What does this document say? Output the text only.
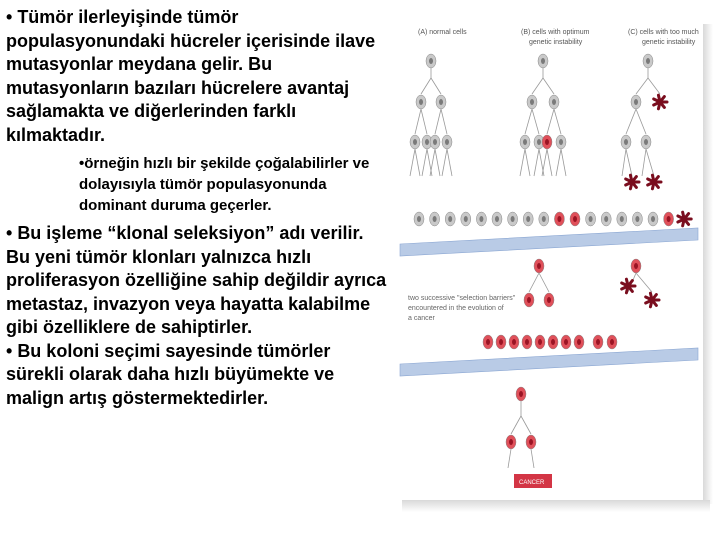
• Tümör ilerleyişinde tümör populasyonundaki hücreler içerisinde ilave mutasyonlar meydana gelir. Bu mutasyonların bazıları hücrelere avantaj sağlamakta ve diğerlerinden farklı kılmaktadır.

• örneğin hızlı bir şekilde çoğalabilirler ve dolayısıyla tümör populasyonunda dominant duruma geçerler.

• Bu işleme “klonal seleksiyon” adı verilir. Bu yeni tümör klonları yalnızca hızlı proliferasyon özelliğine sahip değildir ayrıca metastaz, invazyon veya hayatta kalabilme gibi özelliklere de sahiptirler.

• Bu koloni seçimi sayesinde tümörler sürekli olarak daha hızlı büyümekte ve malign artış göstermektedirler.

(A) normal cells	(B) cells with optimum
genetic instability
(C) cells with too much
genetic instability
two successive "selection barriers"
encountered in the evolution of
a cancer
CANCER
